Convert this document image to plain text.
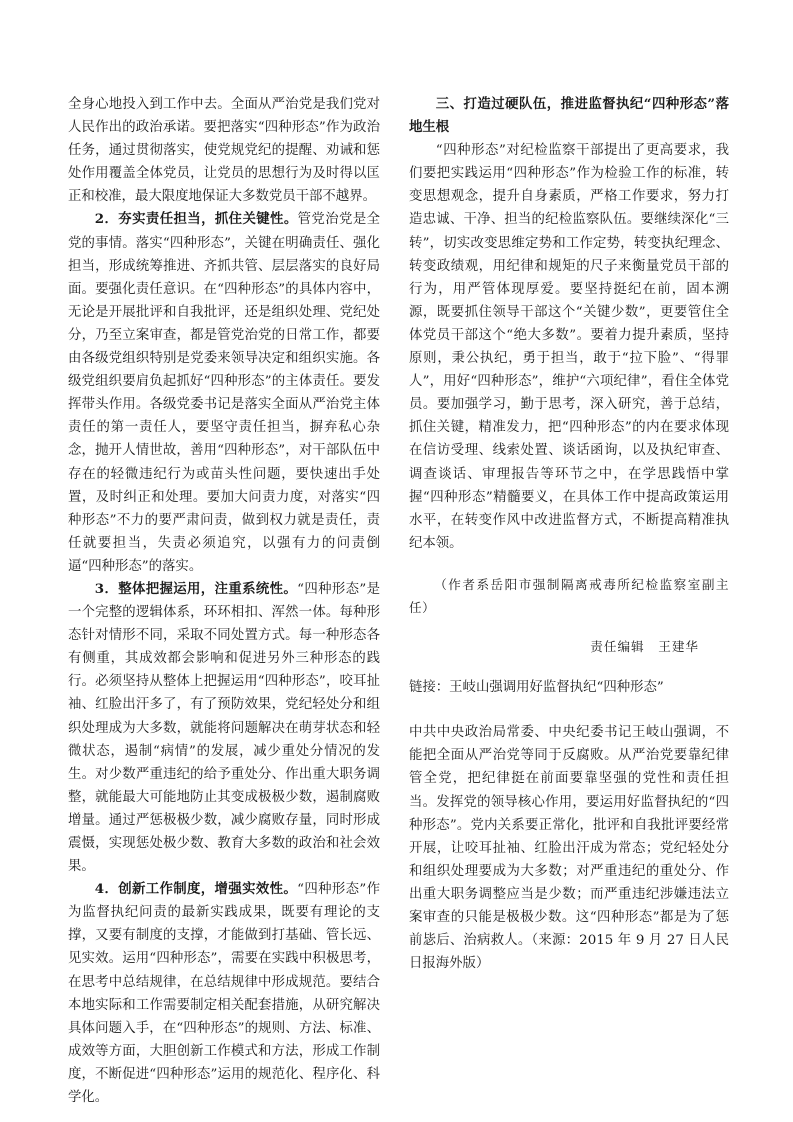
全身心地投入到工作中去。全面从严治党是我们党对人民作出的政治承诺。要把落实“四种形态”作为政治任务，通过贯彻落实，使党规党纪的提醒、劝诫和惩处作用覆盖全体党员，让党员的思想行为及时得以匡正和校准，最大限度地保证大多数党员干部不越界。

2．夯实责任担当，抓住关键性。管党治党是全党的事情。落实“四种形态”，关键在明确责任、强化担当，形成统筹推进、齐抓共管、层层落实的良好局面。要强化责任意识。在“四种形态”的具体内容中，无论是开展批评和自我批评，还是组织处理、党纪处分，乃至立案审查，都是管党治党的日常工作，都要由各级党组织特别是党委来领导决定和组织实施。各级党组织要肩负起抓好“四种形态”的主体责任。要发挥带头作用。各级党委书记是落实全面从严治党主体责任的第一责任人，要坚守责任担当，摒弃私心杂念，抛开人情世故，善用“四种形态”，对干部队伍中存在的轻微违纪行为或苗头性问题，要快速出手处置，及时纠正和处理。要加大问责力度，对落实“四种形态”不力的要严肃问责，做到权力就是责任，责任就要担当，失责必须追究，以强有力的问责倒逼“四种形态”的落实。

3．整体把握运用，注重系统性。“四种形态”是一个完整的逻辑体系，环环相扣、浑然一体。每种形态针对情形不同，采取不同处置方式。每一种形态各有侧重，其成效都会影响和促进另外三种形态的践行。必须坚持从整体上把握运用“四种形态”，咬耳扯袖、红脸出汗多了，有了预防效果，党纪轻处分和组织处理成为大多数，就能将问题解决在萌芽状态和轻微状态，遏制“病情”的发展，减少重处分情况的发生。对少数严重违纪的给予重处分、作出重大职务调整，就能最大可能地防止其变成极极少数，遏制腐败增量。通过严惩极极少数，减少腐败存量，同时形成震慑，实现惩处极少数、教育大多数的政治和社会效果。

4．创新工作制度，增强实效性。“四种形态”作为监督执纪问责的最新实践成果，既要有理论的支撑，又要有制度的支撑，才能做到打基础、管长远、见实效。运用“四种形态”，需要在实践中积极思考，在思考中总结规律，在总结规律中形成规范。要结合本地实际和工作需要制定相关配套措施，从研究解决具体问题入手，在“四种形态”的规则、方法、标准、成效等方面，大胆创新工作模式和方法，形成工作制度，不断促进“四种形态”运用的规范化、程序化、科学化。

三、打造过硬队伍，推进监督执纪“四种形态”落地生根

“四种形态”对纪检监察干部提出了更高要求，我们要把实践运用“四种形态”作为检验工作的标准，转变思想观念，提升自身素质，严格工作要求，努力打造忠诚、干净、担当的纪检监察队伍。要继续深化“三转”，切实改变思维定势和工作定势，转变执纪理念、转变政绩观，用纪律和规矩的尺子来衡量党员干部的行为，用严管体现厚爱。要坚持挺纪在前，固本溯源，既要抓住领导干部这个“关键少数”，更要管住全体党员干部这个“绝大多数”。要着力提升素质，坚持原则，秉公执纪，勇于担当，敢于“拉下脸”、“得罪人”，用好“四种形态”，维护“六项纪律”，看住全体党员。要加强学习，勤于思考，深入研究，善于总结，抓住关键，精准发力，把“四种形态”的内在要求体现在信访受理、线索处置、谈话函询，以及执纪审查、调查谈话、审理报告等环节之中，在学思践悟中掌握“四种形态”精髓要义，在具体工作中提高政策运用水平，在转变作风中改进监督方式，不断提高精准执纪本领。

（作者系岳阳市强制隔离戒毒所纪检监察室副主任）

责任编辑　王建华

链接：王岐山强调用好监督执纪“四种形态”

中共中央政治局常委、中央纪委书记王岐山强调，不能把全面从严治党等同于反腐败。从严治党要靠纪律管全党，把纪律挺在前面要靠坚强的党性和责任担当。发挥党的领导核心作用，要运用好监督执纪的“四种形态”。党内关系要正常化，批评和自我批评要经常开展，让咬耳扯袖、红脸出汗成为常态；党纪轻处分和组织处理要成为大多数；对严重违纪的重处分、作出重大职务调整应当是少数；而严重违纪涉嫌违法立案审查的只能是极极少数。这“四种形态”都是为了惩前毖后、治病救人。（来源：2015 年 9 月 27 日人民日报海外版）
